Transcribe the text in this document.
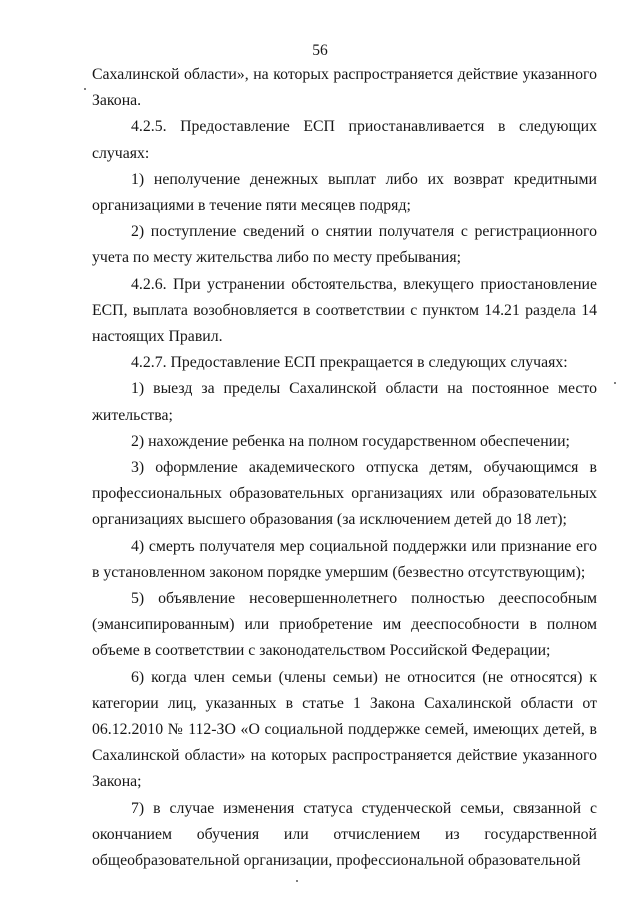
56

Сахалинской области», на которых распространяется действие указанного Закона.

4.2.5. Предоставление ЕСП приостанавливается в следующих случаях:

1) неполучение денежных выплат либо их возврат кредитными организациями в течение пяти месяцев подряд;

2) поступление сведений о снятии получателя с регистрационного учета по месту жительства либо по месту пребывания;

4.2.6. При устранении обстоятельства, влекущего приостановление ЕСП, выплата возобновляется в соответствии с пунктом 14.21 раздела 14 настоящих Правил.

4.2.7. Предоставление ЕСП прекращается в следующих случаях:

1) выезд за пределы Сахалинской области на постоянное место жительства;

2) нахождение ребенка на полном государственном обеспечении;

3) оформление академического отпуска детям, обучающимся в профессиональных образовательных организациях или образовательных организациях высшего образования (за исключением детей до 18 лет);

4) смерть получателя мер социальной поддержки или признание его в установленном законом порядке умершим (безвестно отсутствующим);

5) объявление несовершеннолетнего полностью дееспособным (эмансипированным) или приобретение им дееспособности в полном объеме в соответствии с законодательством Российской Федерации;

6) когда член семьи (члены семьи) не относится (не относятся) к категории лиц, указанных в статье 1 Закона Сахалинской области от 06.12.2010 № 112-ЗО «О социальной поддержке семей, имеющих детей, в Сахалинской области» на которых распространяется действие указанного Закона;

7) в случае изменения статуса студенческой семьи, связанной с окончанием обучения или отчислением из государственной общеобразовательной организации, профессиональной образовательной
